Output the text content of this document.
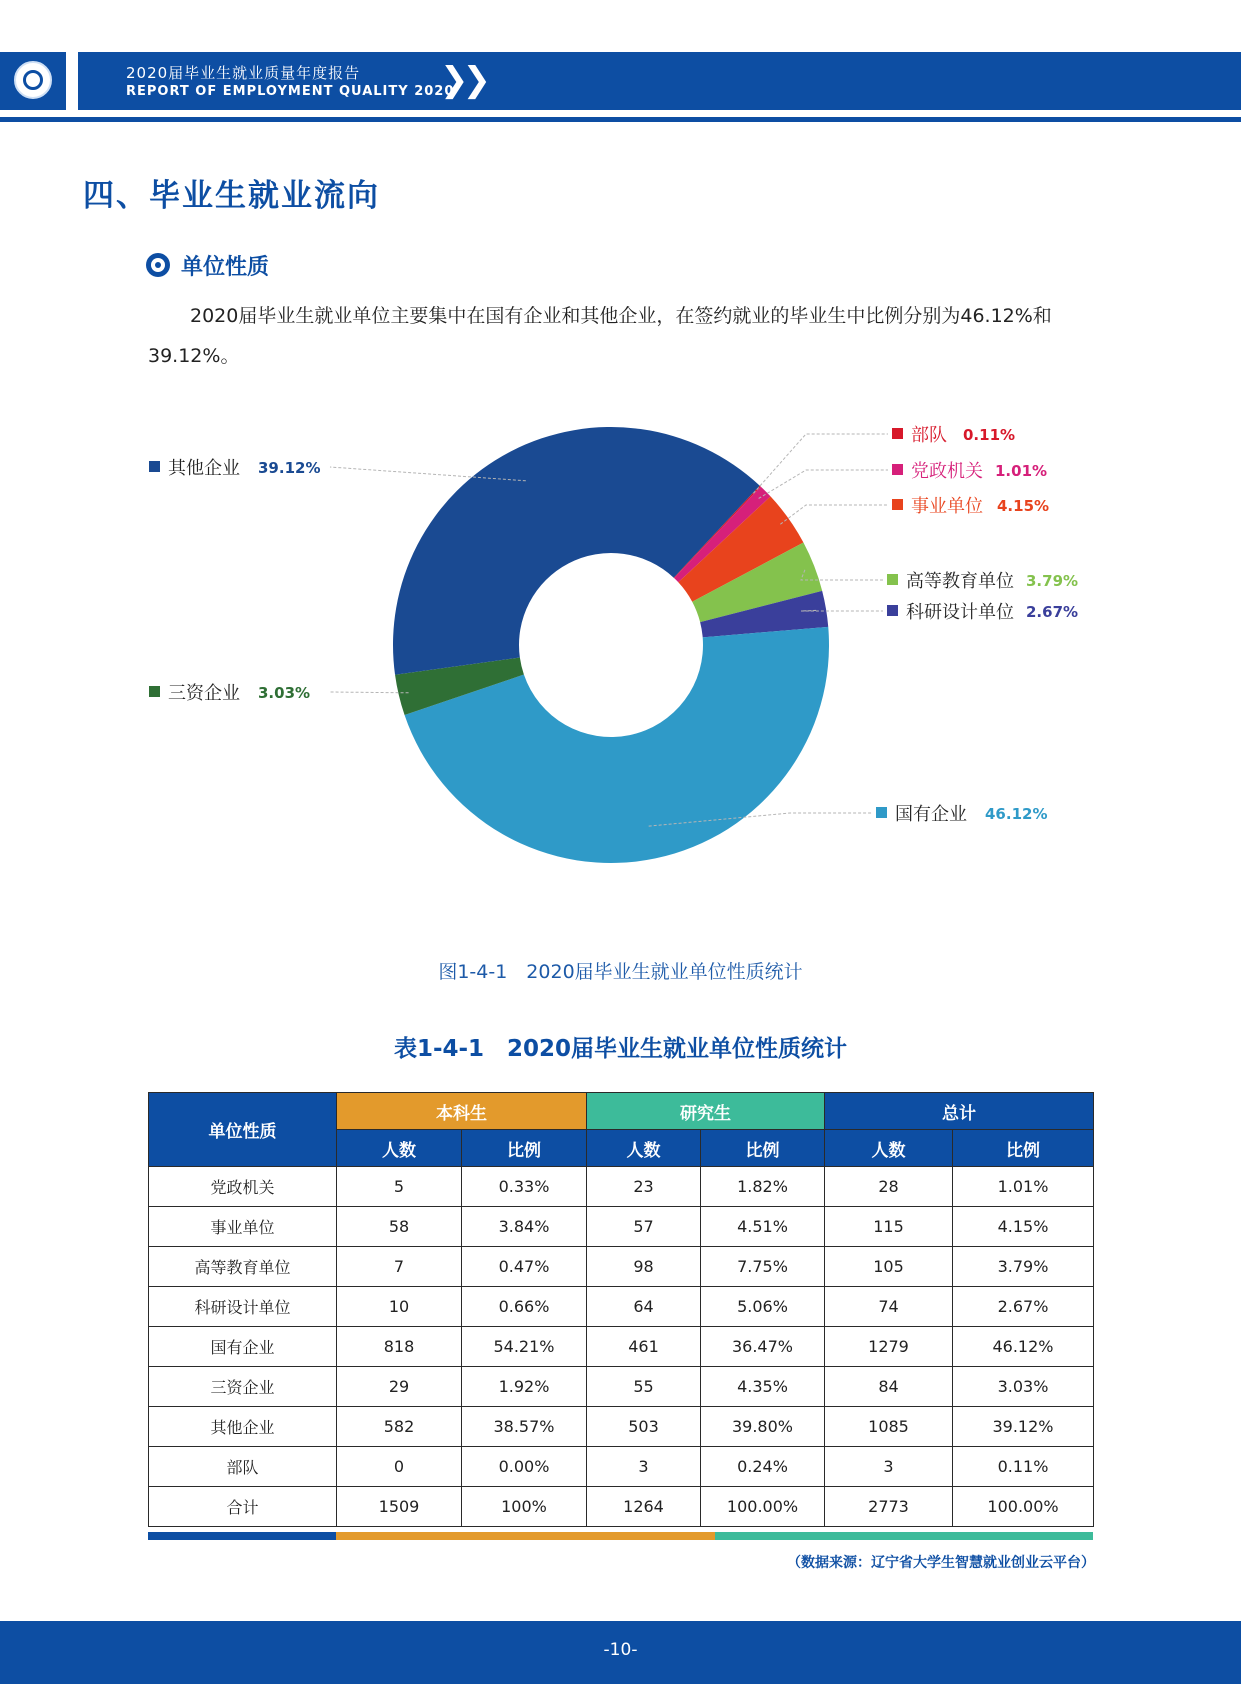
2020届毕业生就业质量年度报告
REPORT OF EMPLOYMENT QUALITY 2020
❯❯
四、毕业生就业流向
单位性质
2020届毕业生就业单位主要集中在国有企业和其他企业，在签约就业的毕业生中比例分别为46.12%和39.12%。
部队 0.11%
党政机关 1.01%
事业单位 4.15%
高等教育单位 3.79%
科研设计单位 2.67%
国有企业 46.12%
三资企业 3.03%
其他企业 39.12%
图1-4-1　2020届毕业生就业单位性质统计
表1-4-1　2020届毕业生就业单位性质统计
单位性质	本科生		研究生		总计	
	人数	比例	人数	比例	人数	比例
党政机关	5	0.33%	23	1.82%	28	1.01%
事业单位	58	3.84%	57	4.51%	115	4.15%
高等教育单位	7	0.47%	98	7.75%	105	3.79%
科研设计单位	10	0.66%	64	5.06%	74	2.67%
国有企业	818	54.21%	461	36.47%	1279	46.12%
三资企业	29	1.92%	55	4.35%	84	3.03%
其他企业	582	38.57%	503	39.80%	1085	39.12%
部队	0	0.00%	3	0.24%	3	0.11%
合计	1509	100%	1264	100.00%	2773	100.00%
（数据来源：辽宁省大学生智慧就业创业云平台）
-10-
